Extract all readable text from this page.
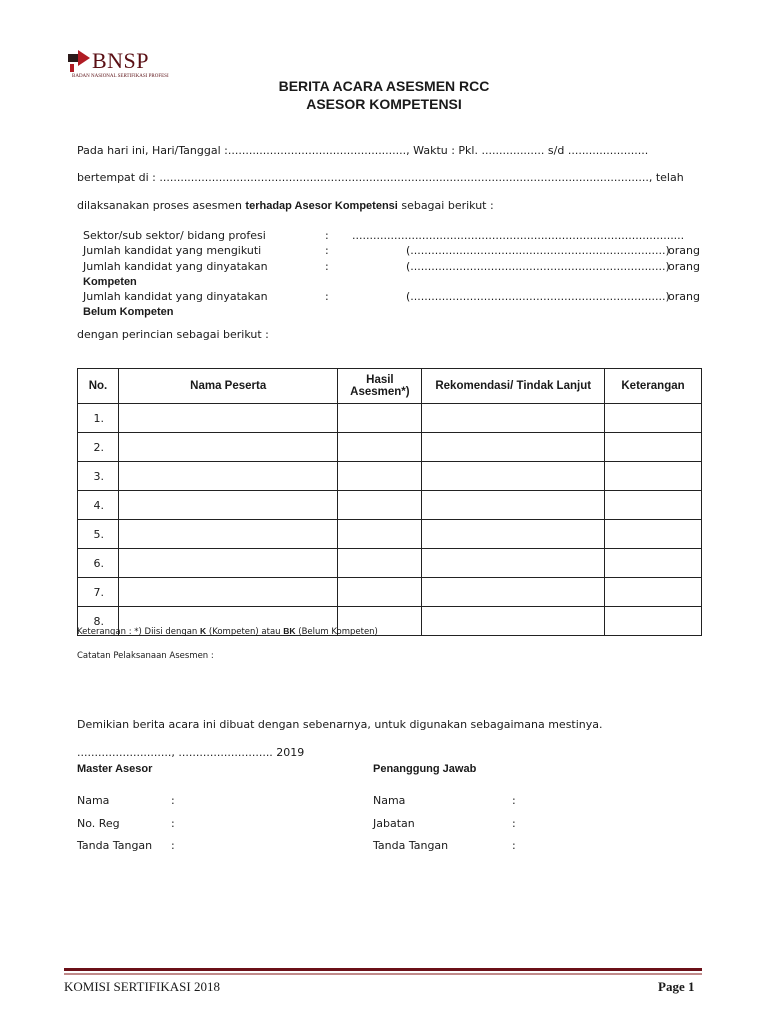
BNSP
BADAN NASIONAL SERTIFIKASI PROFESI
BERITA ACARA ASESMEN RCC
ASESOR KOMPETENSI
Pada hari ini, Hari/Tanggal :..................................................., Waktu : Pkl. .................. s/d .......................
bertempat di : ............................................................................................................................................, telah
dilaksanakan proses asesmen terhadap Asesor Kompetensi sebagai berikut :
Sektor/sub sektor/ bidang profesi	: ...............................................................................................
Jumlah kandidat yang mengikuti	:	(.........................................................................)
orang
Jumlah kandidat yang dinyatakan	:	(.........................................................................)
orang
Kompeten
Jumlah kandidat yang dinyatakan	:	(.........................................................................)
orang
Belum Kompeten
dengan perincian sebagai berikut :
No.	Nama Peserta	Hasil Asesmen*)	Rekomendasi/ Tindak Lanjut	Keterangan
1.				
2.				
3.				
4.				
5.				
6.				
7.				
8.				
Keterangan : *) Diisi dengan K (Kompeten) atau BK (Belum Kompeten)
Catatan Pelaksanaan Asesmen :
Demikian berita acara ini dibuat dengan sebenarnya, untuk digunakan sebagaimana mestinya.
..........................., ........................... 2019
Master Asesor	Penanggung Jawab
Nama	:
No. Reg	:
Tanda Tangan :
Nama	:
Jabatan	:
Tanda Tangan	:
KOMISI SERTIFIKASI 2018	Page 1
